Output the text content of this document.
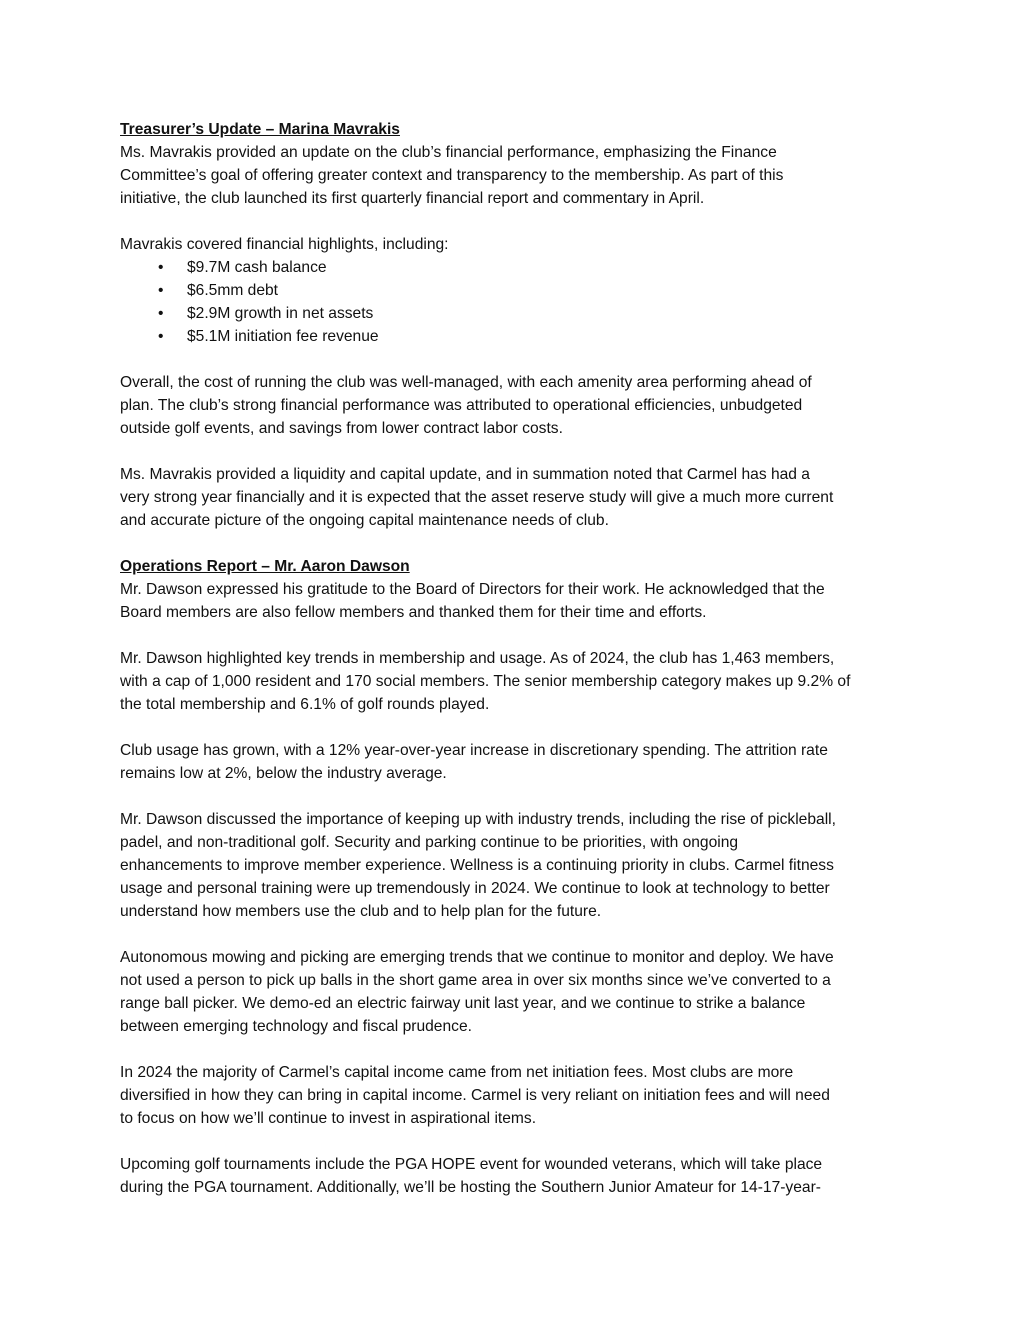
Treasurer’s Update – Marina Mavrakis

Ms. Mavrakis provided an update on the club’s financial performance, emphasizing the Finance
Committee’s goal of offering greater context and transparency to the membership. As part of this
initiative, the club launched its first quarterly financial report and commentary in April.

Mavrakis covered financial highlights, including:

• $9.7M cash balance
• $6.5mm debt
• $2.9M growth in net assets
• $5.1M initiation fee revenue

Overall, the cost of running the club was well-managed, with each amenity area performing ahead of
plan. The club’s strong financial performance was attributed to operational efficiencies, unbudgeted
outside golf events, and savings from lower contract labor costs.

Ms. Mavrakis provided a liquidity and capital update, and in summation noted that Carmel has had a
very strong year financially and it is expected that the asset reserve study will give a much more current
and accurate picture of the ongoing capital maintenance needs of club.

Operations Report – Mr. Aaron Dawson

Mr. Dawson expressed his gratitude to the Board of Directors for their work. He acknowledged that the
Board members are also fellow members and thanked them for their time and efforts.

Mr. Dawson highlighted key trends in membership and usage. As of 2024, the club has 1,463 members,
with a cap of 1,000 resident and 170 social members. The senior membership category makes up 9.2% of
the total membership and 6.1% of golf rounds played.

Club usage has grown, with a 12% year-over-year increase in discretionary spending. The attrition rate
remains low at 2%, below the industry average.

Mr. Dawson discussed the importance of keeping up with industry trends, including the rise of pickleball,
padel, and non-traditional golf. Security and parking continue to be priorities, with ongoing
enhancements to improve member experience. Wellness is a continuing priority in clubs. Carmel fitness
usage and personal training were up tremendously in 2024. We continue to look at technology to better
understand how members use the club and to help plan for the future.

Autonomous mowing and picking are emerging trends that we continue to monitor and deploy. We have
not used a person to pick up balls in the short game area in over six months since we’ve converted to a
range ball picker. We demo-ed an electric fairway unit last year, and we continue to strike a balance
between emerging technology and fiscal prudence.

In 2024 the majority of Carmel’s capital income came from net initiation fees. Most clubs are more
diversified in how they can bring in capital income. Carmel is very reliant on initiation fees and will need
to focus on how we’ll continue to invest in aspirational items.

Upcoming golf tournaments include the PGA HOPE event for wounded veterans, which will take place
during the PGA tournament. Additionally, we’ll be hosting the Southern Junior Amateur for 14-17-year-
